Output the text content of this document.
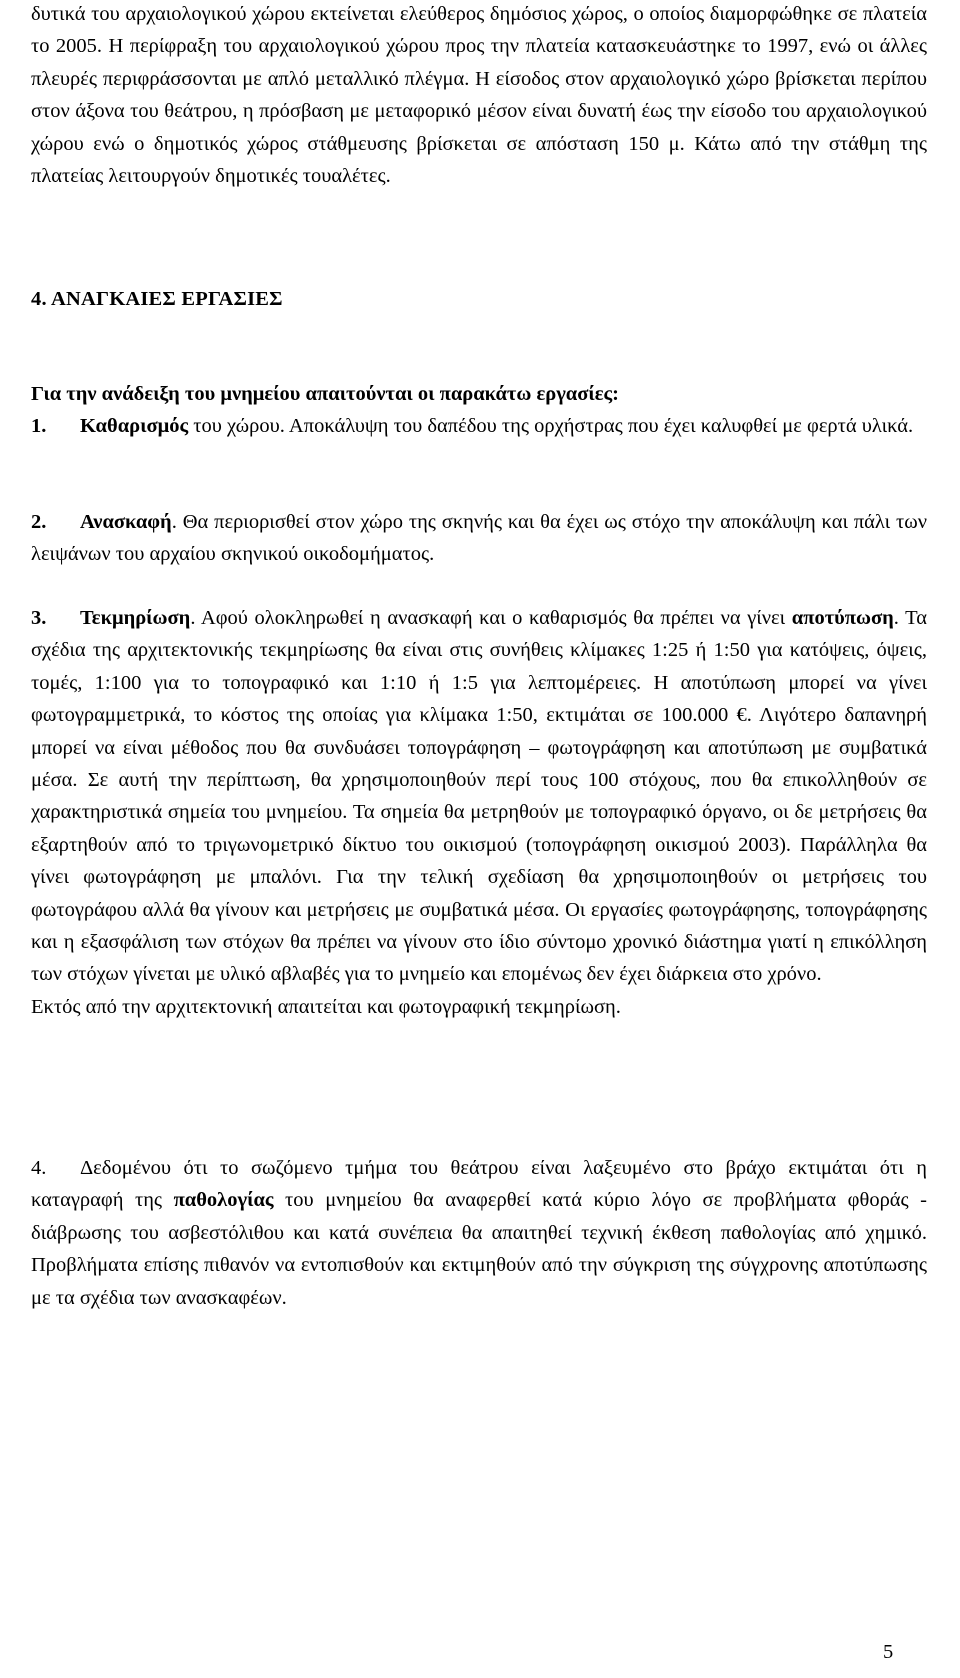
δυτικά του αρχαιολογικού χώρου εκτείνεται ελεύθερος δημόσιος χώρος, ο οποίος διαμορφώθηκε σε πλατεία το 2005. Η περίφραξη του αρχαιολογικού χώρου προς την πλατεία κατασκευάστηκε το 1997, ενώ οι άλλες πλευρές περιφράσσονται με απλό μεταλλικό πλέγμα. Η είσοδος στον αρχαιολογικό χώρο βρίσκεται περίπου στον άξονα του θεάτρου, η πρόσβαση με μεταφορικό μέσον είναι δυνατή έως την είσοδο του αρχαιολογικού χώρου ενώ ο δημοτικός χώρος στάθμευσης βρίσκεται σε απόσταση 150 μ. Κάτω από την στάθμη της πλατείας λειτουργούν δημοτικές τουαλέτες.

4. ΑΝΑΓΚΑΙΕΣ ΕΡΓΑΣΙΕΣ
Για την ανάδειξη του μνημείου απαιτούνται οι παρακάτω εργασίες:

1. Καθαρισμός του χώρου. Αποκάλυψη του δαπέδου της ορχήστρας που έχει καλυφθεί με φερτά υλικά.

2. Ανασκαφή. Θα περιορισθεί στον χώρο της σκηνής και θα έχει ως στόχο την αποκάλυψη και πάλι των λειψάνων του αρχαίου σκηνικού οικοδομήματος.

3. Τεκμηρίωση. Αφού ολοκληρωθεί η ανασκαφή και ο καθαρισμός θα πρέπει να γίνει αποτύπωση. Τα σχέδια της αρχιτεκτονικής τεκμηρίωσης θα είναι στις συνήθεις κλίμακες 1:25 ή 1:50 για κατόψεις, όψεις, τομές, 1:100 για το τοπογραφικό και 1:10 ή 1:5 για λεπτομέρειες. Η αποτύπωση μπορεί να γίνει φωτογραμμετρικά, το κόστος της οποίας για κλίμακα 1:50, εκτιμάται σε 100.000 €. Λιγότερο δαπανηρή μπορεί να είναι μέθοδος που θα συνδυάσει τοπογράφηση – φωτογράφηση και αποτύπωση με συμβατικά μέσα. Σε αυτή την περίπτωση, θα χρησιμοποιηθούν περί τους 100 στόχους, που θα επικολληθούν σε χαρακτηριστικά σημεία του μνημείου. Τα σημεία θα μετρηθούν με τοπογραφικό όργανο, οι δε μετρήσεις θα εξαρτηθούν από το τριγωνομετρικό δίκτυο του οικισμού (τοπογράφηση οικισμού 2003). Παράλληλα θα γίνει φωτογράφηση με μπαλόνι. Για την τελική σχεδίαση θα χρησιμοποιηθούν οι μετρήσεις του φωτογράφου αλλά θα γίνουν και μετρήσεις με συμβατικά μέσα. Οι εργασίες φωτογράφησης, τοπογράφησης και η εξασφάλιση των στόχων θα πρέπει να γίνουν στο ίδιο σύντομο χρονικό διάστημα γιατί η επικόλληση των στόχων γίνεται με υλικό αβλαβές για το μνημείο και επομένως δεν έχει διάρκεια στο χρόνο.

Εκτός από την αρχιτεκτονική απαιτείται και φωτογραφική τεκμηρίωση.

4. Δεδομένου ότι το σωζόμενο τμήμα του θεάτρου είναι λαξευμένο στο βράχο εκτιμάται ότι η καταγραφή της παθολογίας του μνημείου θα αναφερθεί κατά κύριο λόγο σε προβλήματα φθοράς - διάβρωσης του ασβεστόλιθου και κατά συνέπεια θα απαιτηθεί τεχνική έκθεση παθολογίας από χημικό. Προβλήματα επίσης πιθανόν να εντοπισθούν και εκτιμηθούν από την σύγκριση της σύγχρονης αποτύπωσης με τα σχέδια των ανασκαφέων.

5
